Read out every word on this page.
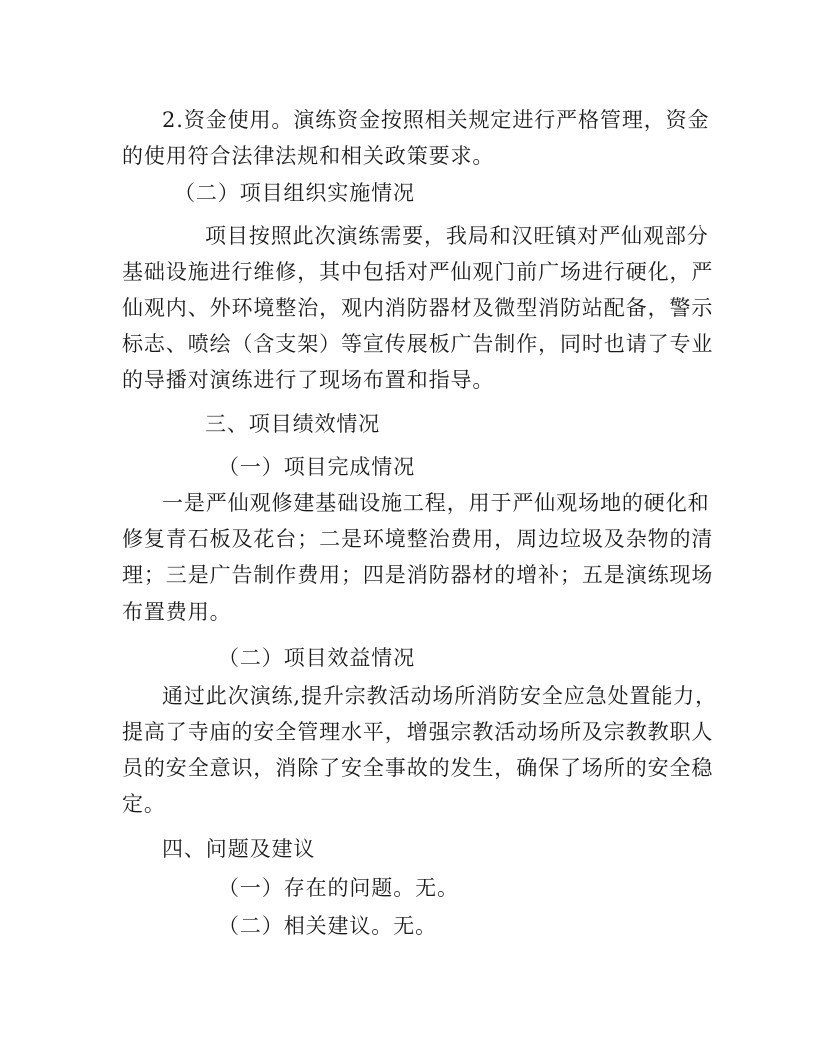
2.资金使用。演练资金按照相关规定进行严格管理，资金
的使用符合法律法规和相关政策要求。
（二）项目组织实施情况
项目按照此次演练需要，我局和汉旺镇对严仙观部分
基础设施进行维修，其中包括对严仙观门前广场进行硬化，严
仙观内、外环境整治，观内消防器材及微型消防站配备，警示
标志、喷绘（含支架）等宣传展板广告制作，同时也请了专业
的导播对演练进行了现场布置和指导。
三、项目绩效情况
（一）项目完成情况
一是严仙观修建基础设施工程，用于严仙观场地的硬化和
修复青石板及花台；二是环境整治费用，周边垃圾及杂物的清
理；三是广告制作费用；四是消防器材的增补；五是演练现场
布置费用。
（二）项目效益情况
通过此次演练,提升宗教活动场所消防安全应急处置能力，
提高了寺庙的安全管理水平，增强宗教活动场所及宗教教职人
员的安全意识，消除了安全事故的发生，确保了场所的安全稳
定。
四、问题及建议
（一）存在的问题。无。
（二）相关建议。无。
